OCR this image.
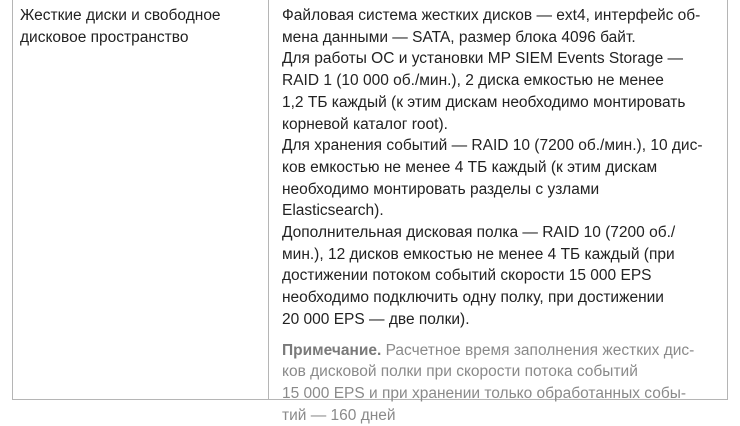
Жесткие диски и свободное
дисковое пространство
Файловая система жестких дисков — ext4, интерфейс об-
мена данными — SATA, размер блока 4096 байт.
Для работы ОС и установки MP SIEM Events Storage —
RAID 1 (10 000 об./мин.), 2 диска емкостью не менее
1,2 ТБ каждый (к этим дискам необходимо монтировать
корневой каталог root).
Для хранения событий — RAID 10 (7200 об./мин.), 10 дис-
ков емкостью не менее 4 ТБ каждый (к этим дискам
необходимо монтировать разделы с узлами
Elasticsearch).
Дополнительная дисковая полка — RAID 10 (7200 об./
мин.), 12 дисков емкостью не менее 4 ТБ каждый (при
достижении потоком событий скорости 15 000 EPS
необходимо подключить одну полку, при достижении
20 000 EPS — две полки).
Примечание. Расчетное время заполнения жестких дис-
ков дисковой полки при скорости потока событий
15 000 EPS и при хранении только обработанных собы-
тий — 160 дней
